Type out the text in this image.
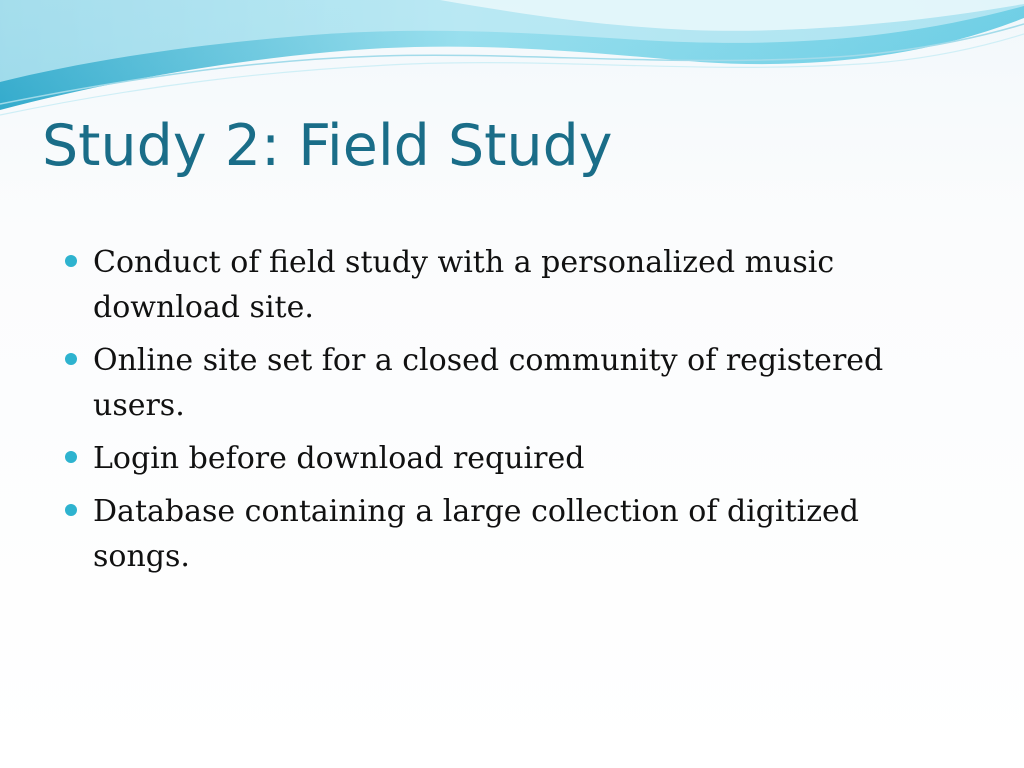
Study 2: Field Study
Conduct of field study with a personalized music download site.
Online site set for a closed community of registered users.
Login before download required
Database containing a large collection of digitized songs.
